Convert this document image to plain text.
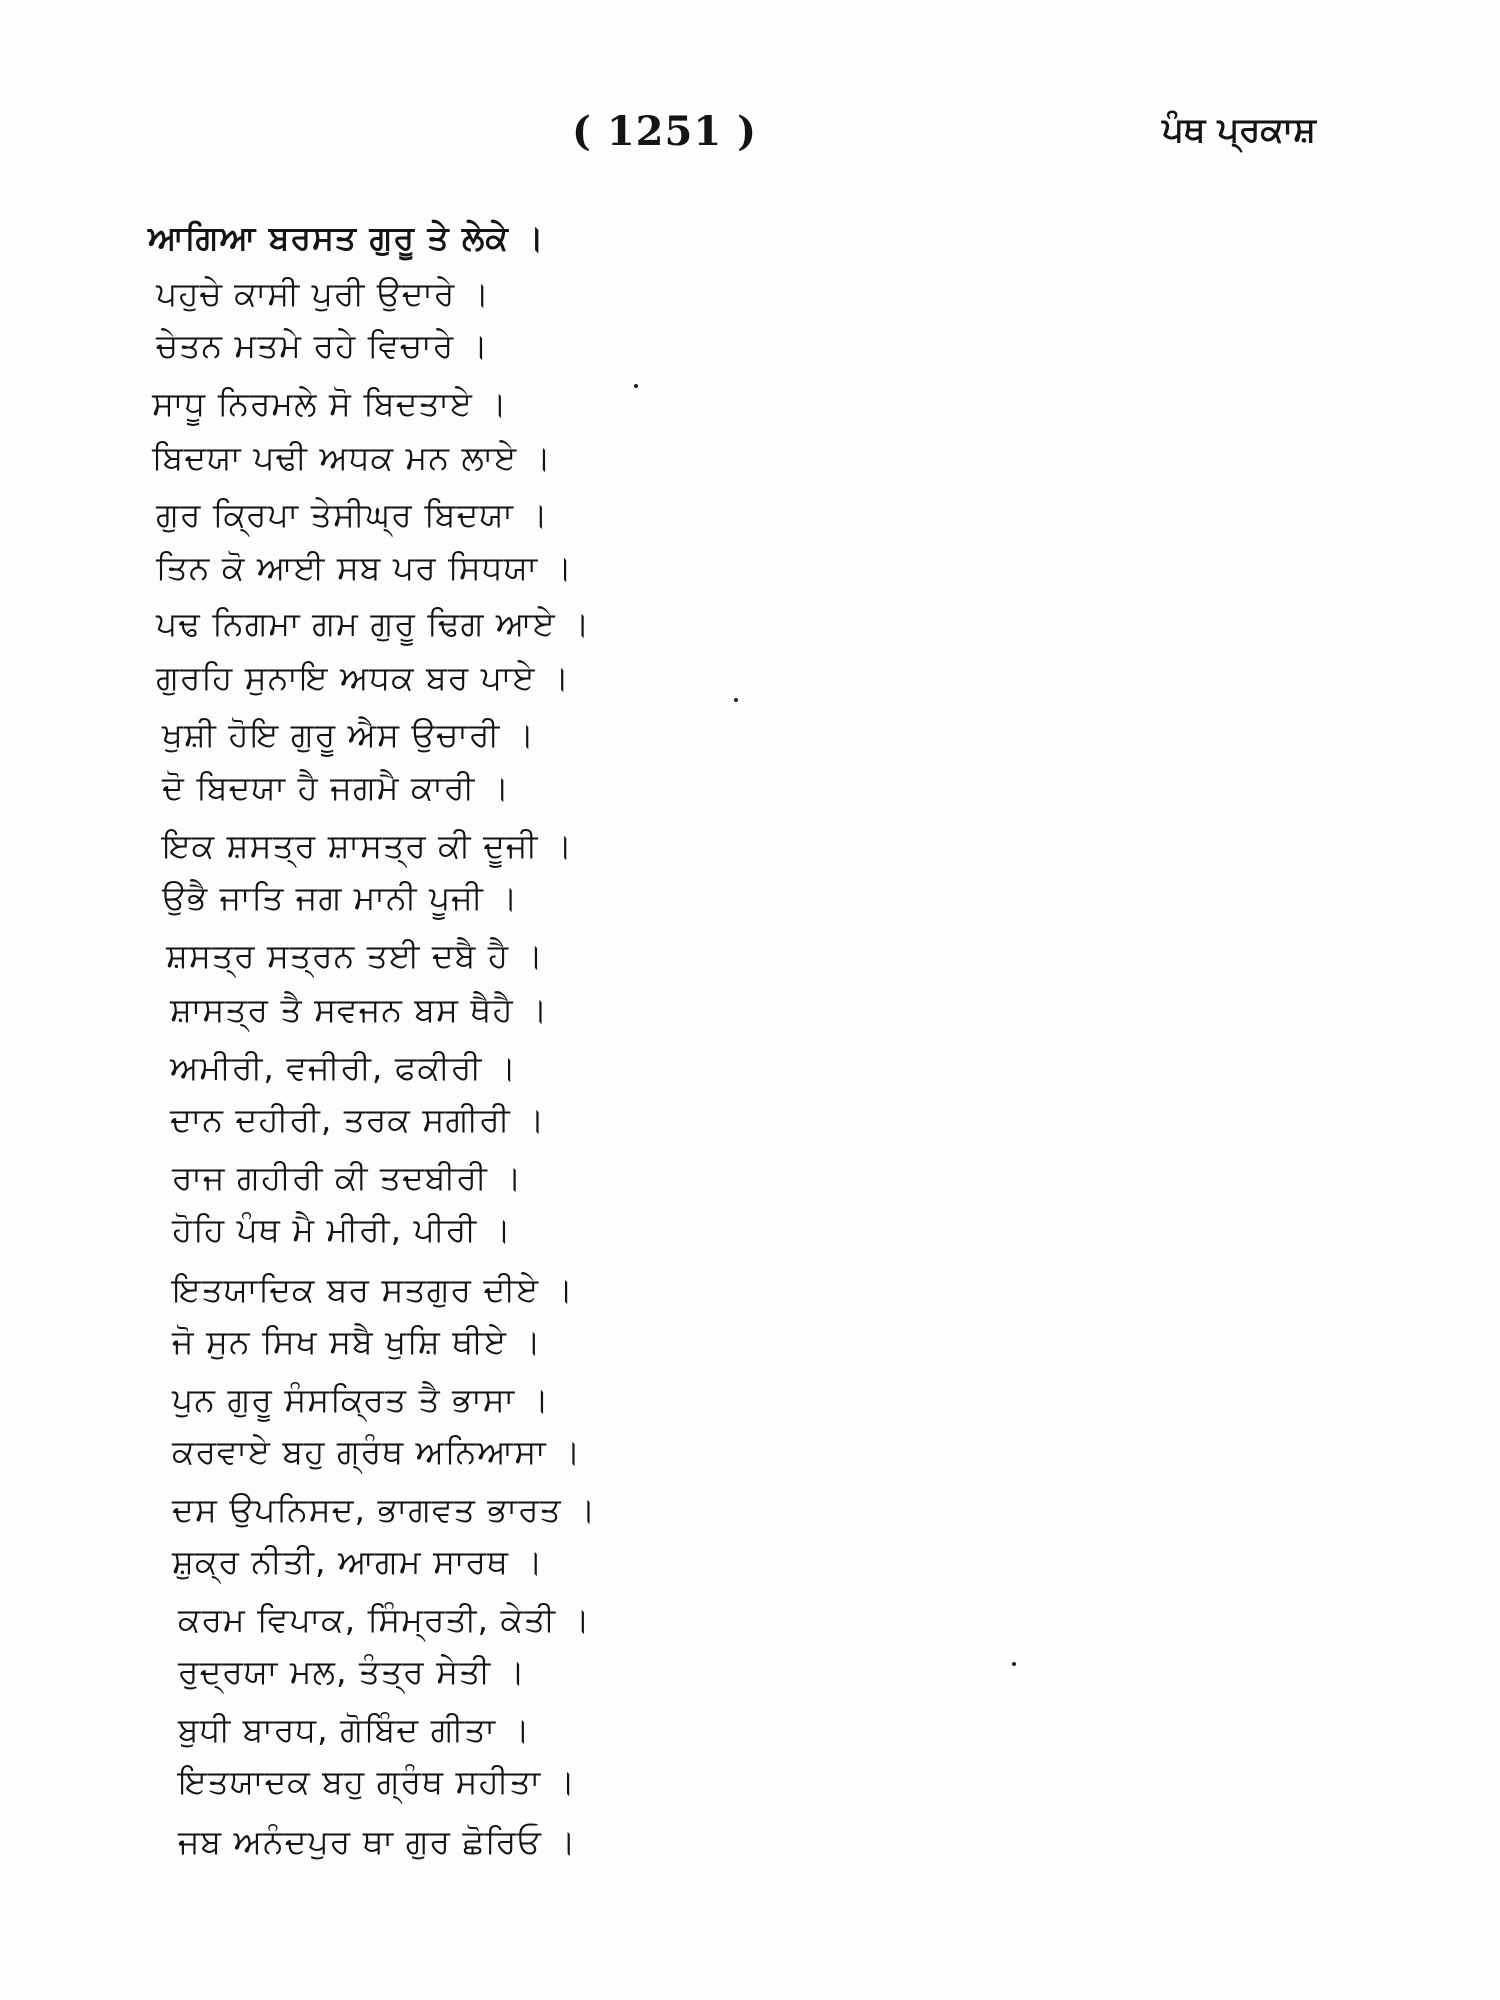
( 1251 )	ਪੰਥ ਪ੍ਰਕਾਸ਼
ਆਗਿਆ ਬਰਸਤ ਗੁਰੂ ਤੇ ਲੇਕੇ ।
ਪਹੁਚੇ ਕਾਸੀ ਪੁਰੀ ਉਦਾਰੇ ।
ਚੇਤਨ ਮਤਮੇ ਰਹੇ ਵਿਚਾਰੇ ।
ਸਾਧੂ ਨਿਰਮਲੇ ਸੋ ਬਿਦਤਾਏ ।
ਬਿਦਯਾ ਪਢੀ ਅਧਕ ਮਨ ਲਾਏ ।
ਗੁਰ ਕ੍ਰਿਪਾ ਤੇਸੀਘ੍ਰ ਬਿਦਯਾ ।
ਤਿਨ ਕੋ ਆਈ ਸਬ ਪਰ ਸਿਧਯਾ ।
ਪਢ ਨਿਗਮਾ ਗਮ ਗੁਰੂ ਢਿਗ ਆਏ ।
ਗੁਰਹਿ ਸੁਨਾਇ ਅਧਕ ਬਰ ਪਾਏ ।
ਖੁਸ਼ੀ ਹੋਇ ਗੁਰੂ ਐਸ ਉਚਾਰੀ ।
ਦੋ ਬਿਦਯਾ ਹੈ ਜਗਮੈ ਕਾਰੀ ।
ਇਕ ਸ਼ਸਤ੍ਰ ਸ਼ਾਸਤ੍ਰ ਕੀ ਦੂਜੀ ।
ਉਭੈ ਜਾਤਿ ਜਗ ਮਾਨੀ ਪੂਜੀ ।
ਸ਼ਸਤ੍ਰ ਸਤ੍ਰਨ ਤਈ ਦਬੈ ਹੈ ।
ਸ਼ਾਸਤ੍ਰ ਤੈ ਸਵਜਨ ਬਸ ਥੈਹੈ ।
ਅਮੀਰੀ, ਵਜੀਰੀ, ਫਕੀਰੀ ।
ਦਾਨ ਦਹੀਰੀ, ਤਰਕ ਸਗੀਰੀ ।
ਰਾਜ ਗਹੀਰੀ ਕੀ ਤਦਬੀਰੀ ।
ਹੋਹਿ ਪੰਥ ਮੈ ਮੀਰੀ, ਪੀਰੀ ।
ਇਤਯਾਦਿਕ ਬਰ ਸਤਗੁਰ ਦੀਏ ।
ਜੋ ਸੁਨ ਸਿਖ ਸਬੈ ਖੁਸ਼ਿ ਥੀਏ ।
ਪੁਨ ਗੁਰੂ ਸੰਸਕ੍ਰਿਤ ਤੈ ਭਾਸਾ ।
ਕਰਵਾਏ ਬਹੁ ਗ੍ਰੰਥ ਅਨਿਆਸਾ ।
ਦਸ ਉਪਨਿਸਦ, ਭਾਗਵਤ ਭਾਰਤ ।
ਸ਼ੁਕ੍ਰ ਨੀਤੀ, ਆਗਮ ਸਾਰਥ ।
ਕਰਮ ਵਿਪਾਕ, ਸਿੰਮ੍ਰਤੀ, ਕੇਤੀ ।
ਰੁਦ੍ਰਯਾ ਮਲ, ਤੰਤ੍ਰ ਸੇਤੀ ।
ਬੁਧੀ ਬਾਰਧ, ਗੋਬਿੰਦ ਗੀਤਾ ।
ਇਤਯਾਦਕ ਬਹੁ ਗ੍ਰੰਥ ਸਹੀਤਾ ।
ਜਬ ਅਨੰਦਪੁਰ ਥਾ ਗੁਰ ਛੋਰਿਓ ।
